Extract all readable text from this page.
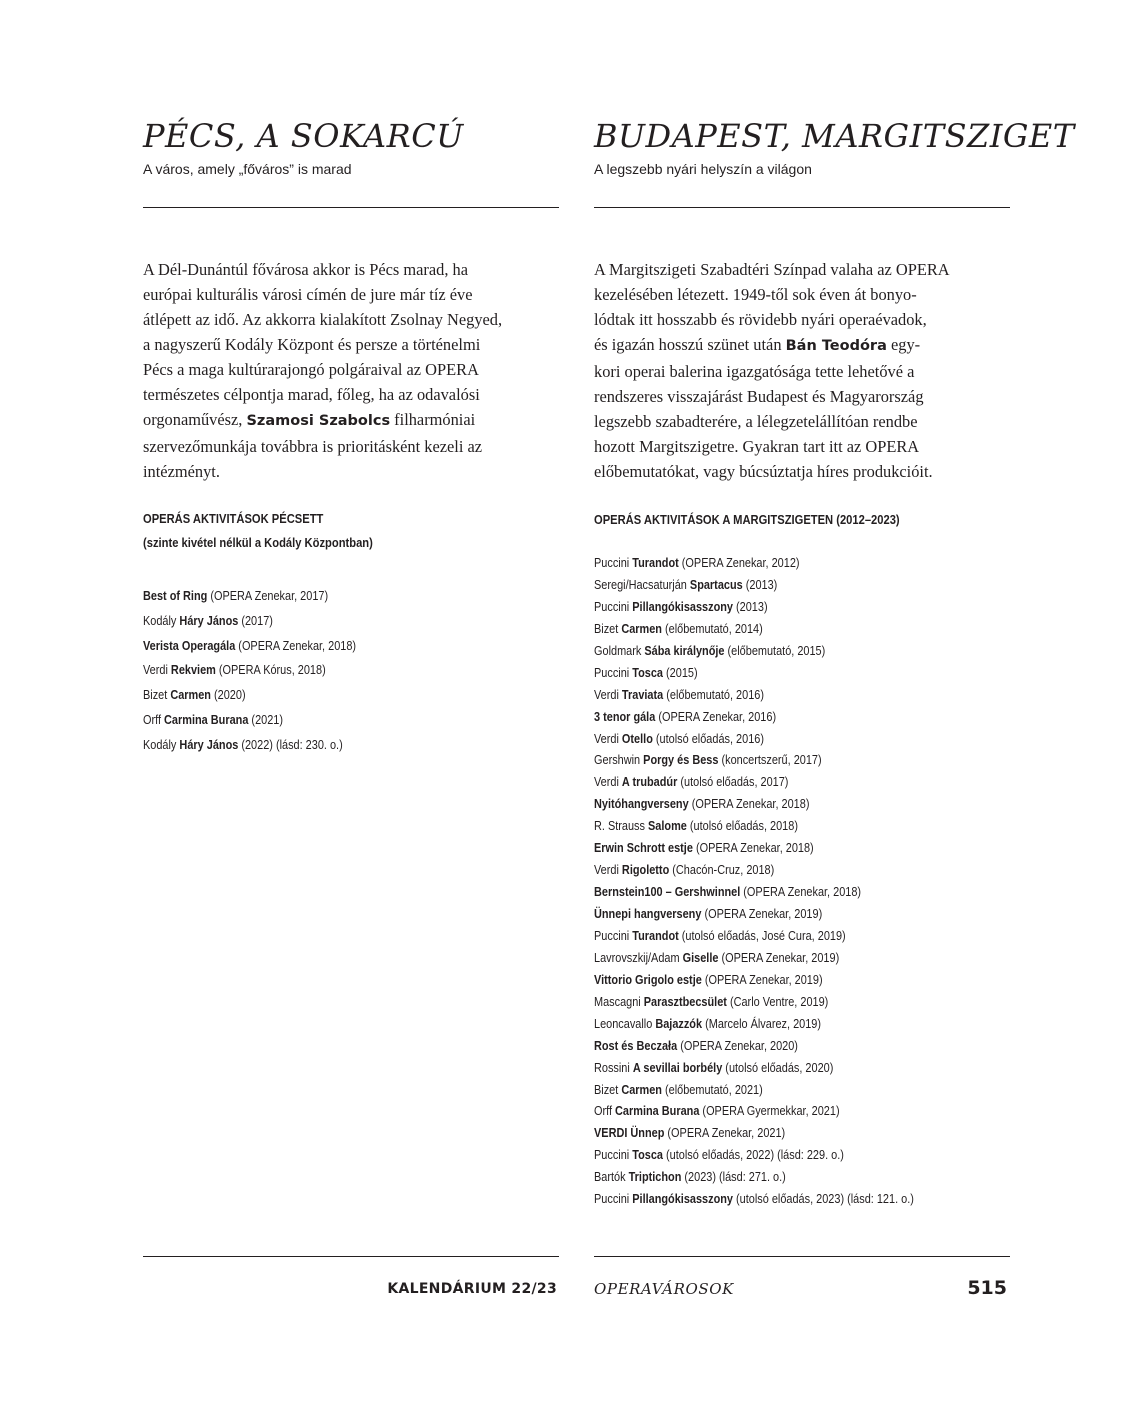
PÉCS, A SOKARCÚ

A város, amely „főváros” is marad

A Dél-Dunántúl fővárosa akkor is Pécs marad, ha
európai kulturális városi címén de jure már tíz éve
átlépett az idő. Az akkorra kialakított Zsolnay Negyed,
a nagyszerű Kodály Központ és persze a történelmi
Pécs a maga kultúrarajongó polgáraival az OPERA
természetes célpontja marad, főleg, ha az odavalósi
orgonaművész, Szamosi Szabolcs filharmóniai
szervezőmunkája továbbra is prioritásként kezeli az
intézményt.

OPERÁS AKTIVITÁSOK PÉCSETT
(szinte kivétel nélkül a Kodály Központban)
Best of Ring (OPERA Zenekar, 2017)
Kodály Háry János (2017)
Verista Operagála (OPERA Zenekar, 2018)
Verdi Rekviem (OPERA Kórus, 2018)
Bizet Carmen (2020)
Orff Carmina Burana (2021)
Kodály Háry János (2022) (lásd: 230. o.)
BUDAPEST, MARGITSZIGET

A legszebb nyári helyszín a világon

A Margitszigeti Szabadtéri Színpad valaha az OPERA
kezelésében létezett. 1949-től sok éven át bonyo-
lódtak itt hosszabb és rövidebb nyári operaévadok,
és igazán hosszú szünet után Bán Teodóra egy-
kori operai balerina igazgatósága tette lehetővé a
rendszeres visszajárást Budapest és Magyarország
legszebb szabadterére, a lélegzetelállítóan rendbe
hozott Margitszigetre. Gyakran tart itt az OPERA
előbemutatókat, vagy búcsúztatja híres produkcióit.

OPERÁS AKTIVITÁSOK A MARGITSZIGETEN (2012–2023)
Puccini Turandot (OPERA Zenekar, 2012)
Seregi/Hacsaturján Spartacus (2013)
Puccini Pillangókisasszony (2013)
Bizet Carmen (előbemutató, 2014)
Goldmark Sába királynője (előbemutató, 2015)
Puccini Tosca (2015)
Verdi Traviata (előbemutató, 2016)
3 tenor gála (OPERA Zenekar, 2016)
Verdi Otello (utolsó előadás, 2016)
Gershwin Porgy és Bess (koncertszerű, 2017)
Verdi A trubadúr (utolsó előadás, 2017)
Nyitóhangverseny (OPERA Zenekar, 2018)
R. Strauss Salome (utolsó előadás, 2018)
Erwin Schrott estje (OPERA Zenekar, 2018)
Verdi Rigoletto (Chacón-Cruz, 2018)
Bernstein100 – Gershwinnel (OPERA Zenekar, 2018)
Ünnepi hangverseny (OPERA Zenekar, 2019)
Puccini Turandot (utolsó előadás, José Cura, 2019)
Lavrovszkij/Adam Giselle (OPERA Zenekar, 2019)
Vittorio Grigolo estje (OPERA Zenekar, 2019)
Mascagni Parasztbecsület (Carlo Ventre, 2019)
Leoncavallo Bajazzók (Marcelo Álvarez, 2019)
Rost és Beczała (OPERA Zenekar, 2020)
Rossini A sevillai borbély (utolsó előadás, 2020)
Bizet Carmen (előbemutató, 2021)
Orff Carmina Burana (OPERA Gyermekkar, 2021)
VERDI Ünnep (OPERA Zenekar, 2021)
Puccini Tosca (utolsó előadás, 2022) (lásd: 229. o.)
Bartók Triptichon (2023) (lásd: 271. o.)
Puccini Pillangókisasszony (utolsó előadás, 2023) (lásd: 121. o.)
KALENDÁRIUM 22/23 OPERAVÁROSOK	515
